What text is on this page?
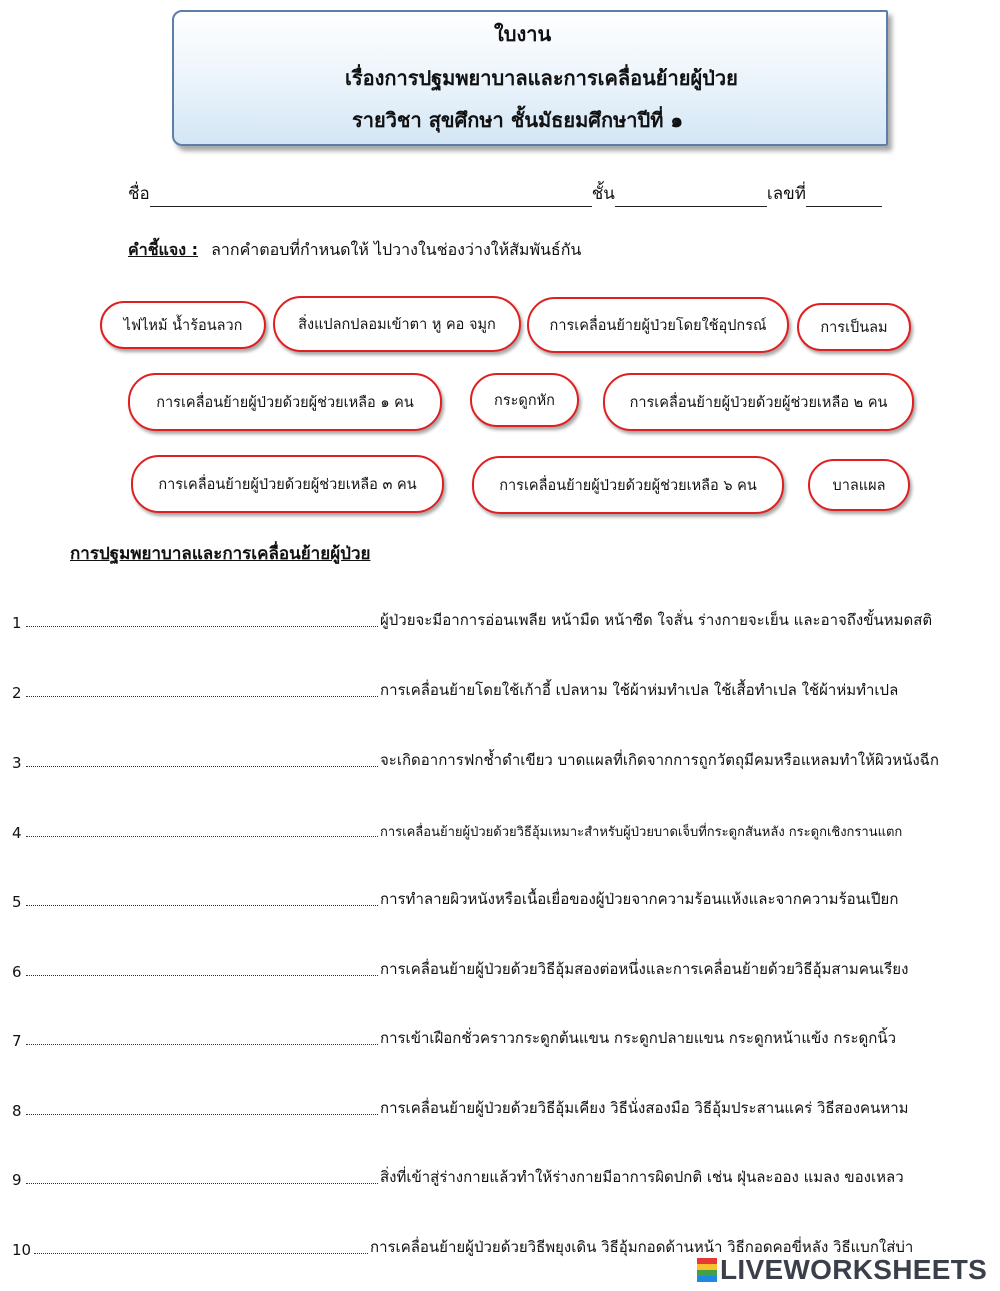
ใบงาน
เรื่องการปฐมพยาบาลและการเคลื่อนย้ายผู้ป่วย
รายวิชา สุขศึกษา ชั้นมัธยมศึกษาปีที่ ๑
ชื่อ	ชั้น	เลขที่
คำชี้แจง : ลากคำตอบที่กำหนดให้ ไปวางในช่องว่างให้สัมพันธ์กัน
ไฟไหม้ น้ำร้อนลวก	สิ่งแปลกปลอมเข้าตา หู คอ จมูก	การเคลื่อนย้ายผู้ป่วยโดยใช้อุปกรณ์	การเป็นลม
การเคลื่อนย้ายผู้ป่วยด้วยผู้ช่วยเหลือ ๑ คน	กระดูกหัก	การเคลื่อนย้ายผู้ป่วยด้วยผู้ช่วยเหลือ ๒ คน
การเคลื่อนย้ายผู้ป่วยด้วยผู้ช่วยเหลือ ๓ คน	การเคลื่อนย้ายผู้ป่วยด้วยผู้ช่วยเหลือ ๖ คน	บาลแผล
การปฐมพยาบาลและการเคลื่อนย้ายผู้ป่วย
1	ผู้ป่วยจะมีอาการอ่อนเพลีย หน้ามืด หน้าซีด ใจสั่น ร่างกายจะเย็น และอาจถึงขั้นหมดสติ
2	การเคลื่อนย้ายโดยใช้เก้าอี้ เปลหาม ใช้ผ้าห่มทำเปล ใช้เสื้อทำเปล ใช้ผ้าห่มทำเปล
3	จะเกิดอาการฟกช้ำดำเขียว บาดแผลที่เกิดจากการถูกวัตถุมีคมหรือแหลมทำให้ผิวหนังฉีก
4	การเคลื่อนย้ายผู้ป่วยด้วยวิธีอุ้มเหมาะสำหรับผู้ป่วยบาดเจ็บที่กระดูกสันหลัง กระดูกเชิงกรานแตก
5	การทำลายผิวหนังหรือเนื้อเยื่อของผู้ป่วยจากความร้อนแห้งและจากความร้อนเปียก
6	การเคลื่อนย้ายผู้ป่วยด้วยวิธีอุ้มสองต่อหนึ่งและการเคลื่อนย้ายด้วยวิธีอุ้มสามคนเรียง
7	การเข้าเฝือกชั่วคราวกระดูกต้นแขน กระดูกปลายแขน กระดูกหน้าแข้ง กระดูกนิ้ว
8	การเคลื่อนย้ายผู้ป่วยด้วยวิธีอุ้มเคียง วิธีนั่งสองมือ วิธีอุ้มประสานแคร่ วิธีสองคนหาม
9	สิ่งที่เข้าสู่ร่างกายแล้วทำให้ร่างกายมีอาการผิดปกติ เช่น ฝุ่นละออง แมลง ของเหลว
10	การเคลื่อนย้ายผู้ป่วยด้วยวิธีพยุงเดิน วิธีอุ้มกอดด้านหน้า วิธีกอดคอขี่หลัง วิธีแบกใส่บ่า
LIVEWORKSHEETS
